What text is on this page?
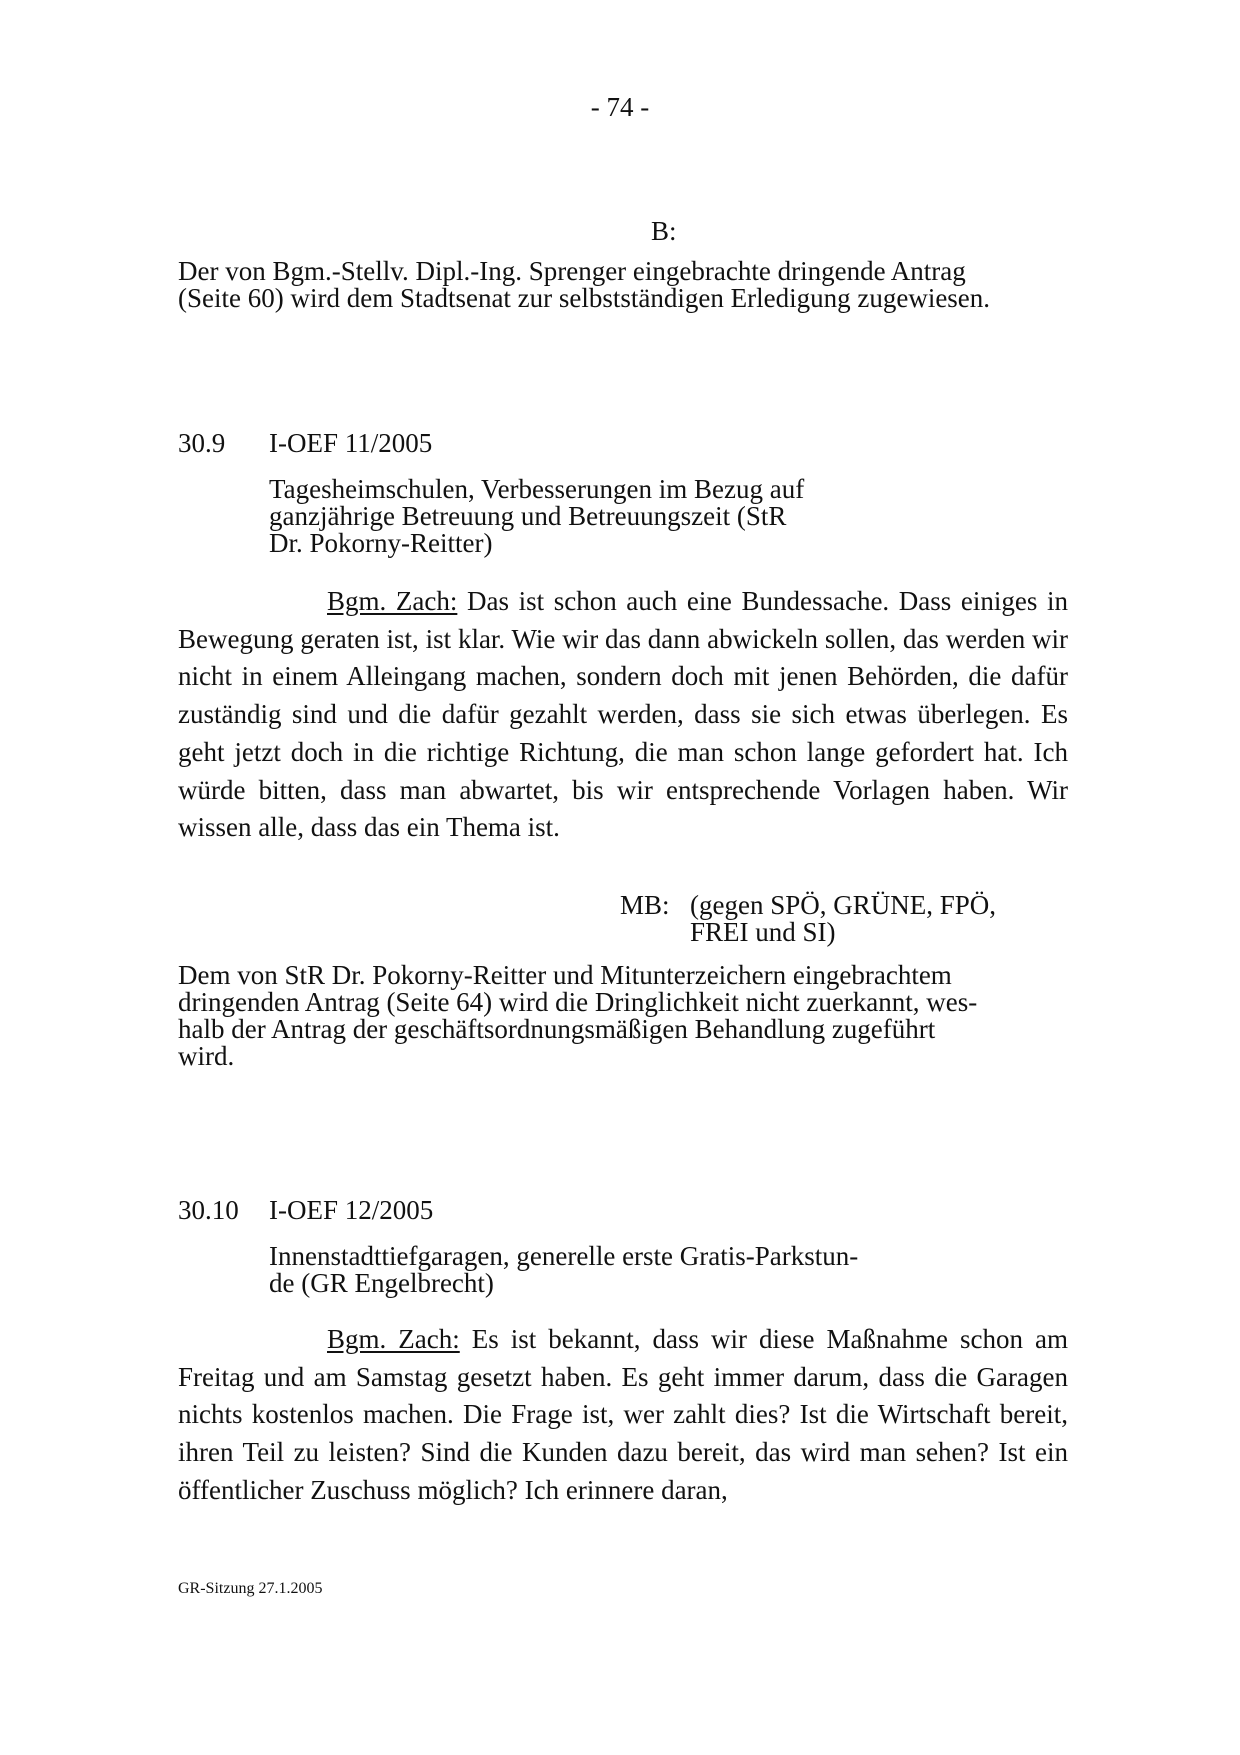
- 74 -
B:
Der von Bgm.-Stellv. Dipl.-Ing. Sprenger eingebrachte dringende Antrag
(Seite 60) wird dem Stadtsenat zur selbstständigen Erledigung zugewiesen.
30.9 I-OEF 11/2005
Tagesheimschulen, Verbesserungen im Bezug auf
ganzjährige Betreuung und Betreuungszeit (StR
Dr. Pokorny-Reitter)

Bgm. Zach: Das ist schon auch eine Bundessache. Dass einiges in Bewegung geraten ist, ist klar. Wie wir das dann abwickeln sollen, das werden wir nicht in einem Alleingang machen, sondern doch mit jenen Behörden, die dafür zuständig sind und die dafür gezahlt werden, dass sie sich etwas überlegen. Es geht jetzt doch in die richtige Richtung, die man schon lange gefordert hat. Ich würde bitten, dass man abwartet, bis wir entsprechende Vorlagen haben. Wir wissen alle, dass das ein Thema ist.

MB: (gegen SPÖ, GRÜNE, FPÖ,
FREI und SI)
Dem von StR Dr. Pokorny-Reitter und Mitunterzeichern eingebrachtem
dringenden Antrag (Seite 64) wird die Dringlichkeit nicht zuerkannt, wes-
halb der Antrag der geschäftsordnungsmäßigen Behandlung zugeführt
wird.
30.10 I-OEF 12/2005
Innenstadttiefgaragen, generelle erste Gratis-Parkstun-
de (GR Engelbrecht)

Bgm. Zach: Es ist bekannt, dass wir diese Maßnahme schon am Freitag und am Samstag gesetzt haben. Es geht immer darum, dass die Garagen nichts kostenlos machen. Die Frage ist, wer zahlt dies? Ist die Wirtschaft bereit, ihren Teil zu leisten? Sind die Kunden dazu bereit, das wird man sehen? Ist ein öffentlicher Zuschuss möglich? Ich erinnere daran,

GR-Sitzung 27.1.2005
